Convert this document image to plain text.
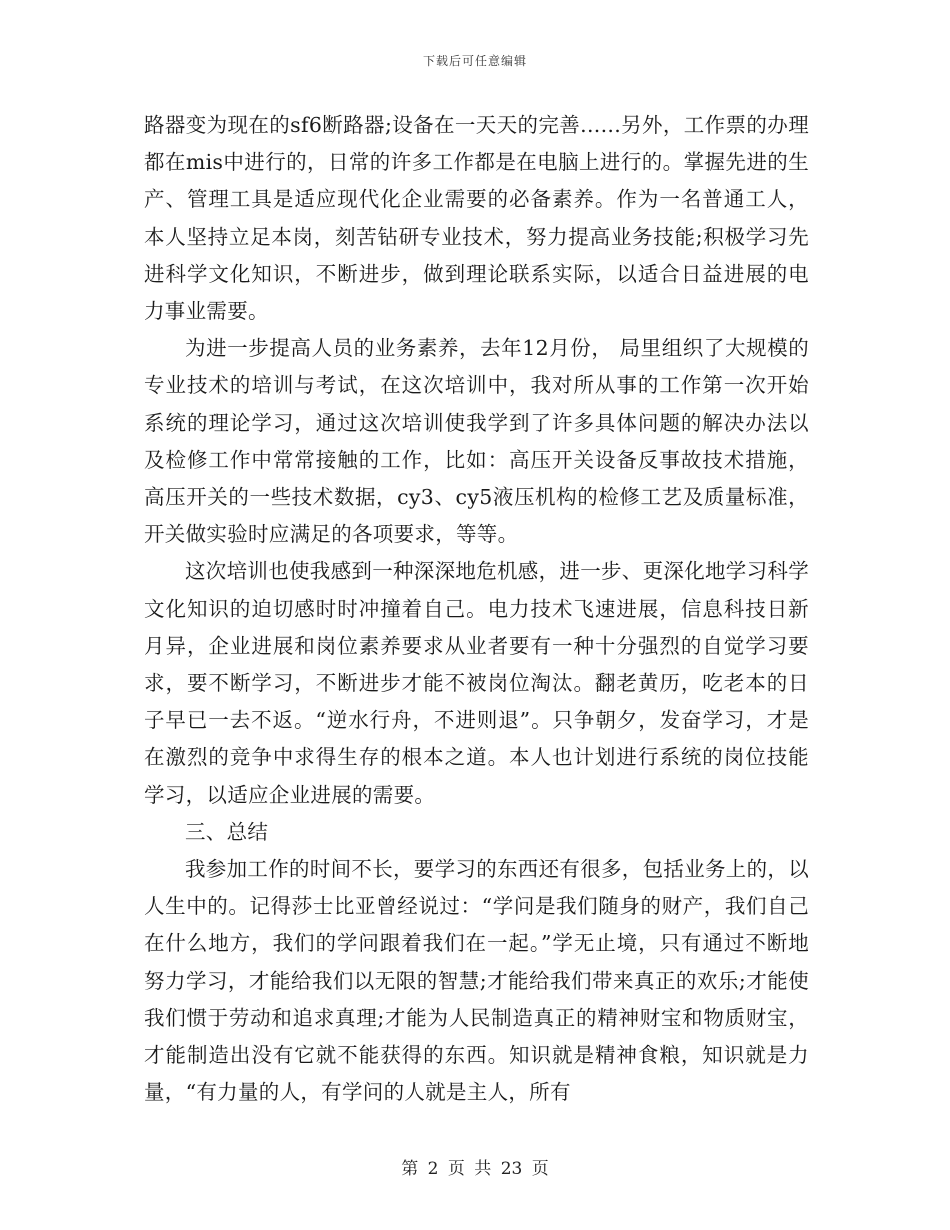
下载后可任意编辑

路器变为现在的sf6断路器;设备在一天天的完善......另外，工作票的办理都在mis中进行的，日常的许多工作都是在电脑上进行的。掌握先进的生产、管理工具是适应现代化企业需要的必备素养。作为一名普通工人，本人坚持立足本岗，刻苦钻研专业技术，努力提高业务技能;积极学习先进科学文化知识，不断进步，做到理论联系实际，以适合日益进展的电力事业需要。

为进一步提高人员的业务素养，去年12月份， 局里组织了大规模的专业技术的培训与考试，在这次培训中，我对所从事的工作第一次开始系统的理论学习，通过这次培训使我学到了许多具体问题的解决办法以及检修工作中常常接触的工作，比如：高压开关设备反事故技术措施，高压开关的一些技术数据，cy3、cy5液压机构的检修工艺及质量标准，开关做实验时应满足的各项要求，等等。

这次培训也使我感到一种深深地危机感，进一步、更深化地学习科学文化知识的迫切感时时冲撞着自己。电力技术飞速进展，信息科技日新月异，企业进展和岗位素养要求从业者要有一种十分强烈的自觉学习要求，要不断学习，不断进步才能不被岗位淘汰。翻老黄历，吃老本的日子早已一去不返。“逆水行舟，不进则退”。只争朝夕，发奋学习，才是在激烈的竞争中求得生存的根本之道。本人也计划进行系统的岗位技能学习，以适应企业进展的需要。

三、总结

我参加工作的时间不长，要学习的东西还有很多，包括业务上的，以人生中的。记得莎士比亚曾经说过：“学问是我们随身的财产，我们自己在什么地方，我们的学问跟着我们在一起。”学无止境，只有通过不断地努力学习，才能给我们以无限的智慧;才能给我们带来真正的欢乐;才能使我们惯于劳动和追求真理;才能为人民制造真正的精神财宝和物质财宝，才能制造出没有它就不能获得的东西。知识就是精神食粮，知识就是力量，“有力量的人，有学问的人就是主人，所有

第 2 页 共 23 页
